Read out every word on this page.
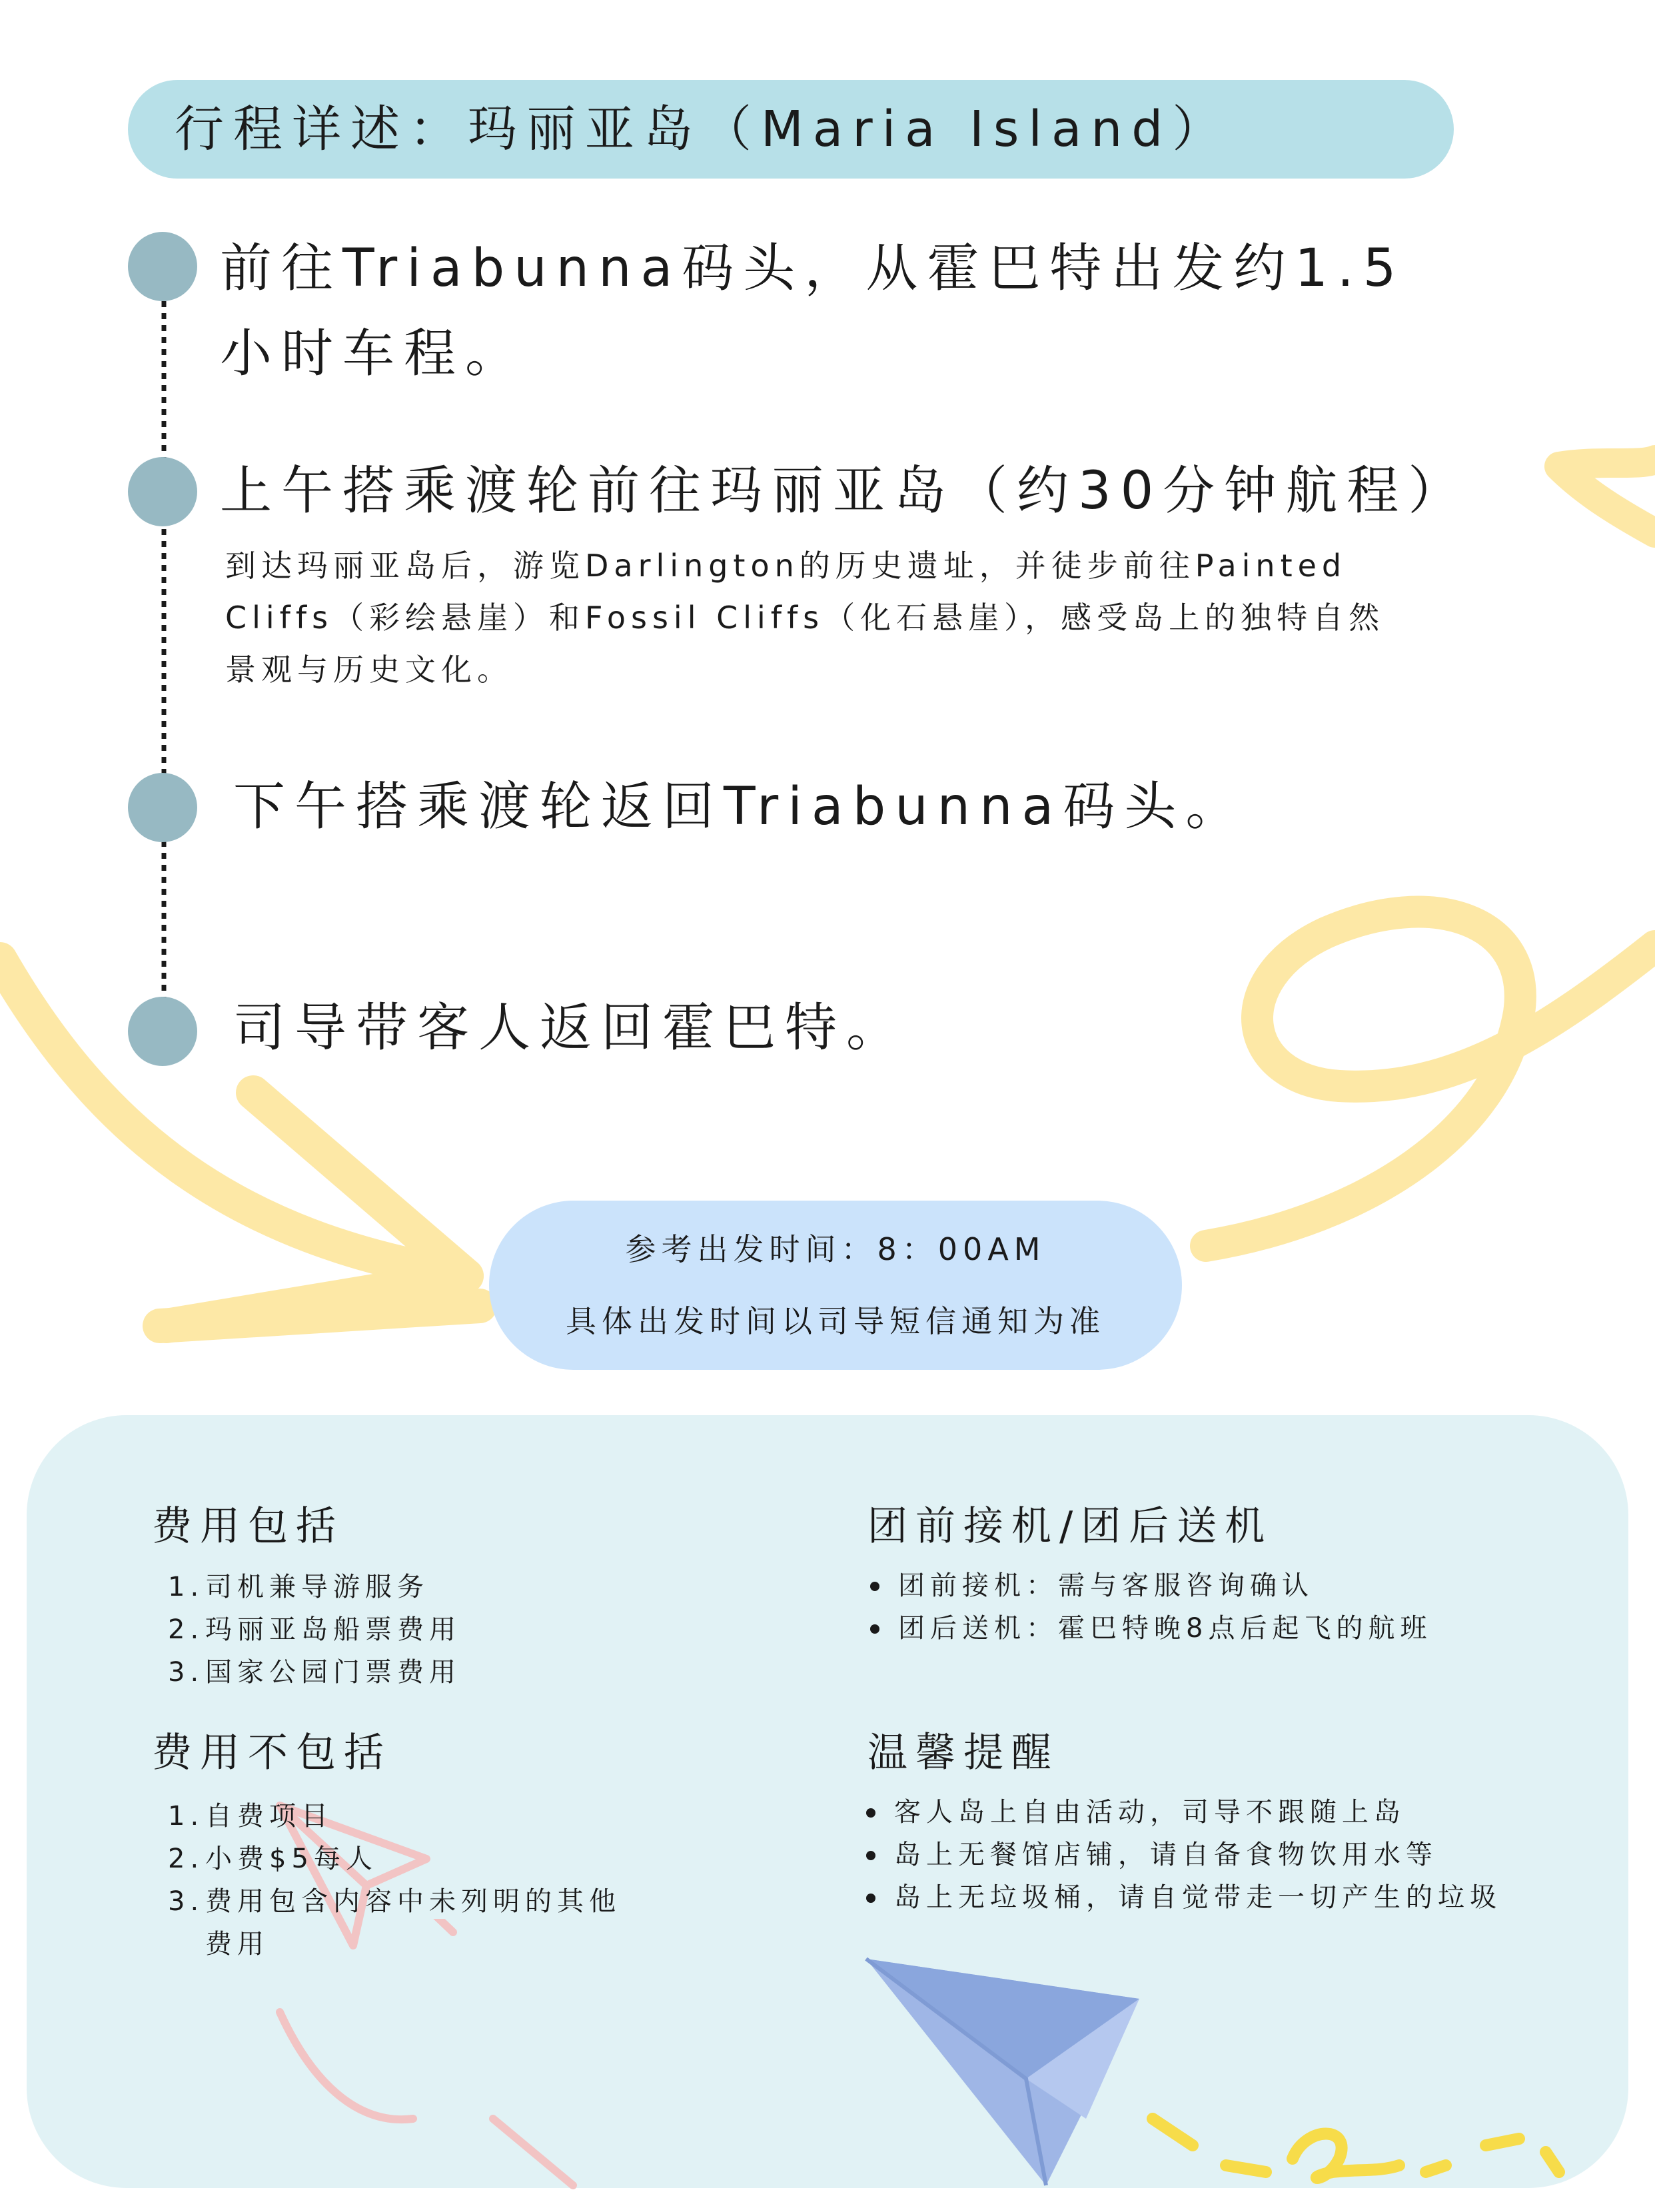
行程详述：玛丽亚岛（Maria Island）
前往Triabunna码头，从霍巴特出发约1.5
小时车程。
上午搭乘渡轮前往玛丽亚岛（约30分钟航程）
到达玛丽亚岛后，游览Darlington的历史遗址，并徒步前往Painted
Cliffs（彩绘悬崖）和Fossil Cliffs（化石悬崖），感受岛上的独特自然
景观与历史文化。
下午搭乘渡轮返回Triabunna码头。
司导带客人返回霍巴特。
参考出发时间：8：00AM
具体出发时间以司导短信通知为准
费用包括
1.司机兼导游服务
2.玛丽亚岛船票费用
3.国家公园门票费用
费用不包括
1.自费项目
2.小费$5每人
3.费用包含内容中未列明的其他
费用
团前接机/团后送机
团前接机：需与客服咨询确认
团后送机：霍巴特晚8点后起飞的航班
温馨提醒
客人岛上自由活动，司导不跟随上岛
岛上无餐馆店铺，请自备食物饮用水等
岛上无垃圾桶，请自觉带走一切产生的垃圾
